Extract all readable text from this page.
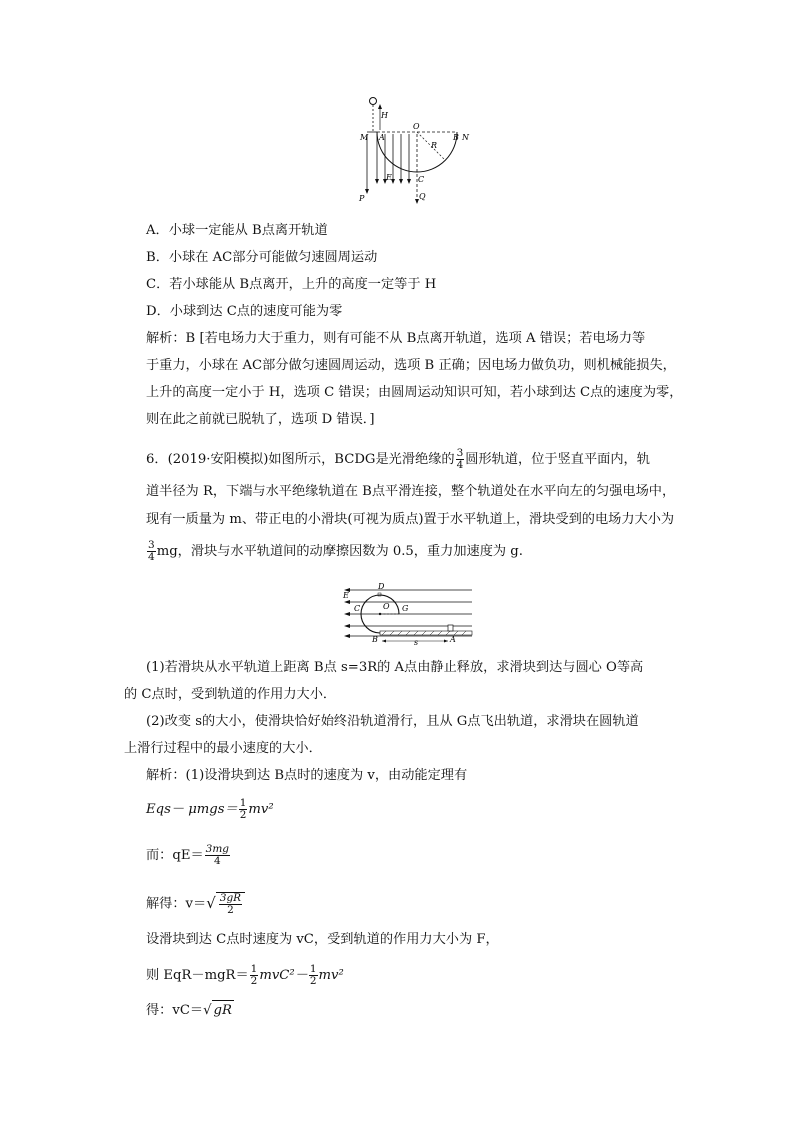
H
M A
O
B N
R
E	C
P	Q
A．小球一定能从 B点离开轨道
B．小球在 AC部分可能做匀速圆周运动
C．若小球能从 B点离开，上升的高度一定等于 H
D．小球到达 C点的速度可能为零
解析：B [若电场力大于重力，则有可能不从 B点离开轨道，选项 A 错误；若电场力等
于重力，小球在 AC部分做匀速圆周运动，选项 B 正确；因电场力做负功，则机械能损失，
上升的高度一定小于 H，选项 C 错误；由圆周运动知识可知，若小球到达 C点的速度为零，
则在此之前就已脱轨了，选项 D 错误．]
6．(2019·安阳模拟)如图所示，BCDG是光滑绝缘的 $\frac{3}{4}$ 圆形轨道，位于竖直平面内，轨
道半径为 R，下端与水平绝缘轨道在 B点平滑连接，整个轨道处在水平向左的匀强电场中，
现有一质量为 m、带正电的小滑块(可视为质点)置于水平轨道上，滑块受到的电场力大小为
$\frac{3}{4}$ mg，滑块与水平轨道间的动摩擦因数为 0.5，重力加速度为 g.
D
E
C	O G
B	A
s
(1)若滑块从水平轨道上距离 B点 s=3R的 A点由静止释放，求滑块到达与圆心 O等高
的 C点时，受到轨道的作用力大小．
(2)改变 s的大小，使滑块恰好始终沿轨道滑行，且从 G点飞出轨道，求滑块在圆轨道
上滑行过程中的最小速度的大小．
解析：(1)设滑块到达 B点时的速度为 v，由动能定理有
$Eqs- \mu mgs= \frac{1}{2} mv^2$
而：$qE= \frac{3mg}{4}$
解得：$v=√ \frac{3gR}{2}$
设滑块到达 C点时速度为 vC，受到轨道的作用力大小为 F，
则 $EqR-mgR= \frac{1}{2} mvC^2- \frac{1}{2} mv^2$
得：vC＝√ gR
